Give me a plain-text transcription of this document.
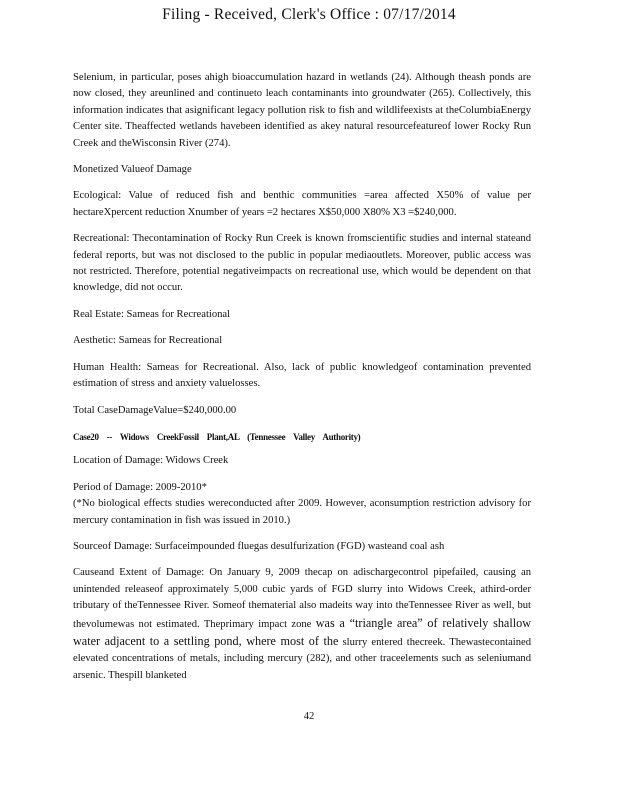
Filing - Received, Clerk's Office : 07/17/2014

Selenium, in particular, poses ahigh bioaccumulation hazard in wetlands (24). Although theash ponds are now closed, they areunlined and continueto leach contaminants into groundwater (265). Collectively, this information indicates that asignificant legacy pollution risk to fish and wildlifeexists at theColumbiaEnergy Center site. Theaffected wetlands havebeen identified as akey natural resourcefeatureof lower Rocky Run Creek and theWisconsin River (274).

Monetized Valueof Damage

Ecological: Value of reduced fish and benthic communities =area affected X50% of value per hectareXpercent reduction Xnumber of years =2 hectares X$50,000 X80% X3 =$240,000.

Recreational: Thecontamination of Rocky Run Creek is known fromscientific studies and internal stateand federal reports, but was not disclosed to the public in popular mediaoutlets. Moreover, public access was not restricted. Therefore, potential negativeimpacts on recreational use, which would be dependent on that knowledge, did not occur.

Real Estate: Sameas for Recreational

Aesthetic: Sameas for Recreational

Human Health: Sameas for Recreational. Also, lack of public knowledgeof contamination prevented estimation of stress and anxiety valuelosses.

Total CaseDamageValue=$240,000.00

Case20 -- Widows CreekFossil Plant,AL (Tennessee Valley Authority)

Location of Damage: Widows Creek

Period of Damage: 2009-2010*

(*No biological effects studies wereconducted after 2009. However, aconsumption restriction advisory for mercury contamination in fish was issued in 2010.)

Sourceof Damage: Surfaceimpounded fluegas desulfurization (FGD) wasteand coal ash

Causeand Extent of Damage: On January 9, 2009 thecap on adischargecontrol pipefailed, causing an unintended releaseof approximately 5,000 cubic yards of FGD slurry into Widows Creek, athird-order tributary of theTennessee River. Someof thematerial also madeits way into theTennessee River as well, but thevolumewas not estimated. Theprimary impact zone was a “triangle area” of relatively shallow water adjacent to a settling pond, where most of the slurry entered thecreek. Thewastecontained elevated concentrations of metals, including mercury (282), and other traceelements such as seleniumand arsenic. Thespill blanketed

42
